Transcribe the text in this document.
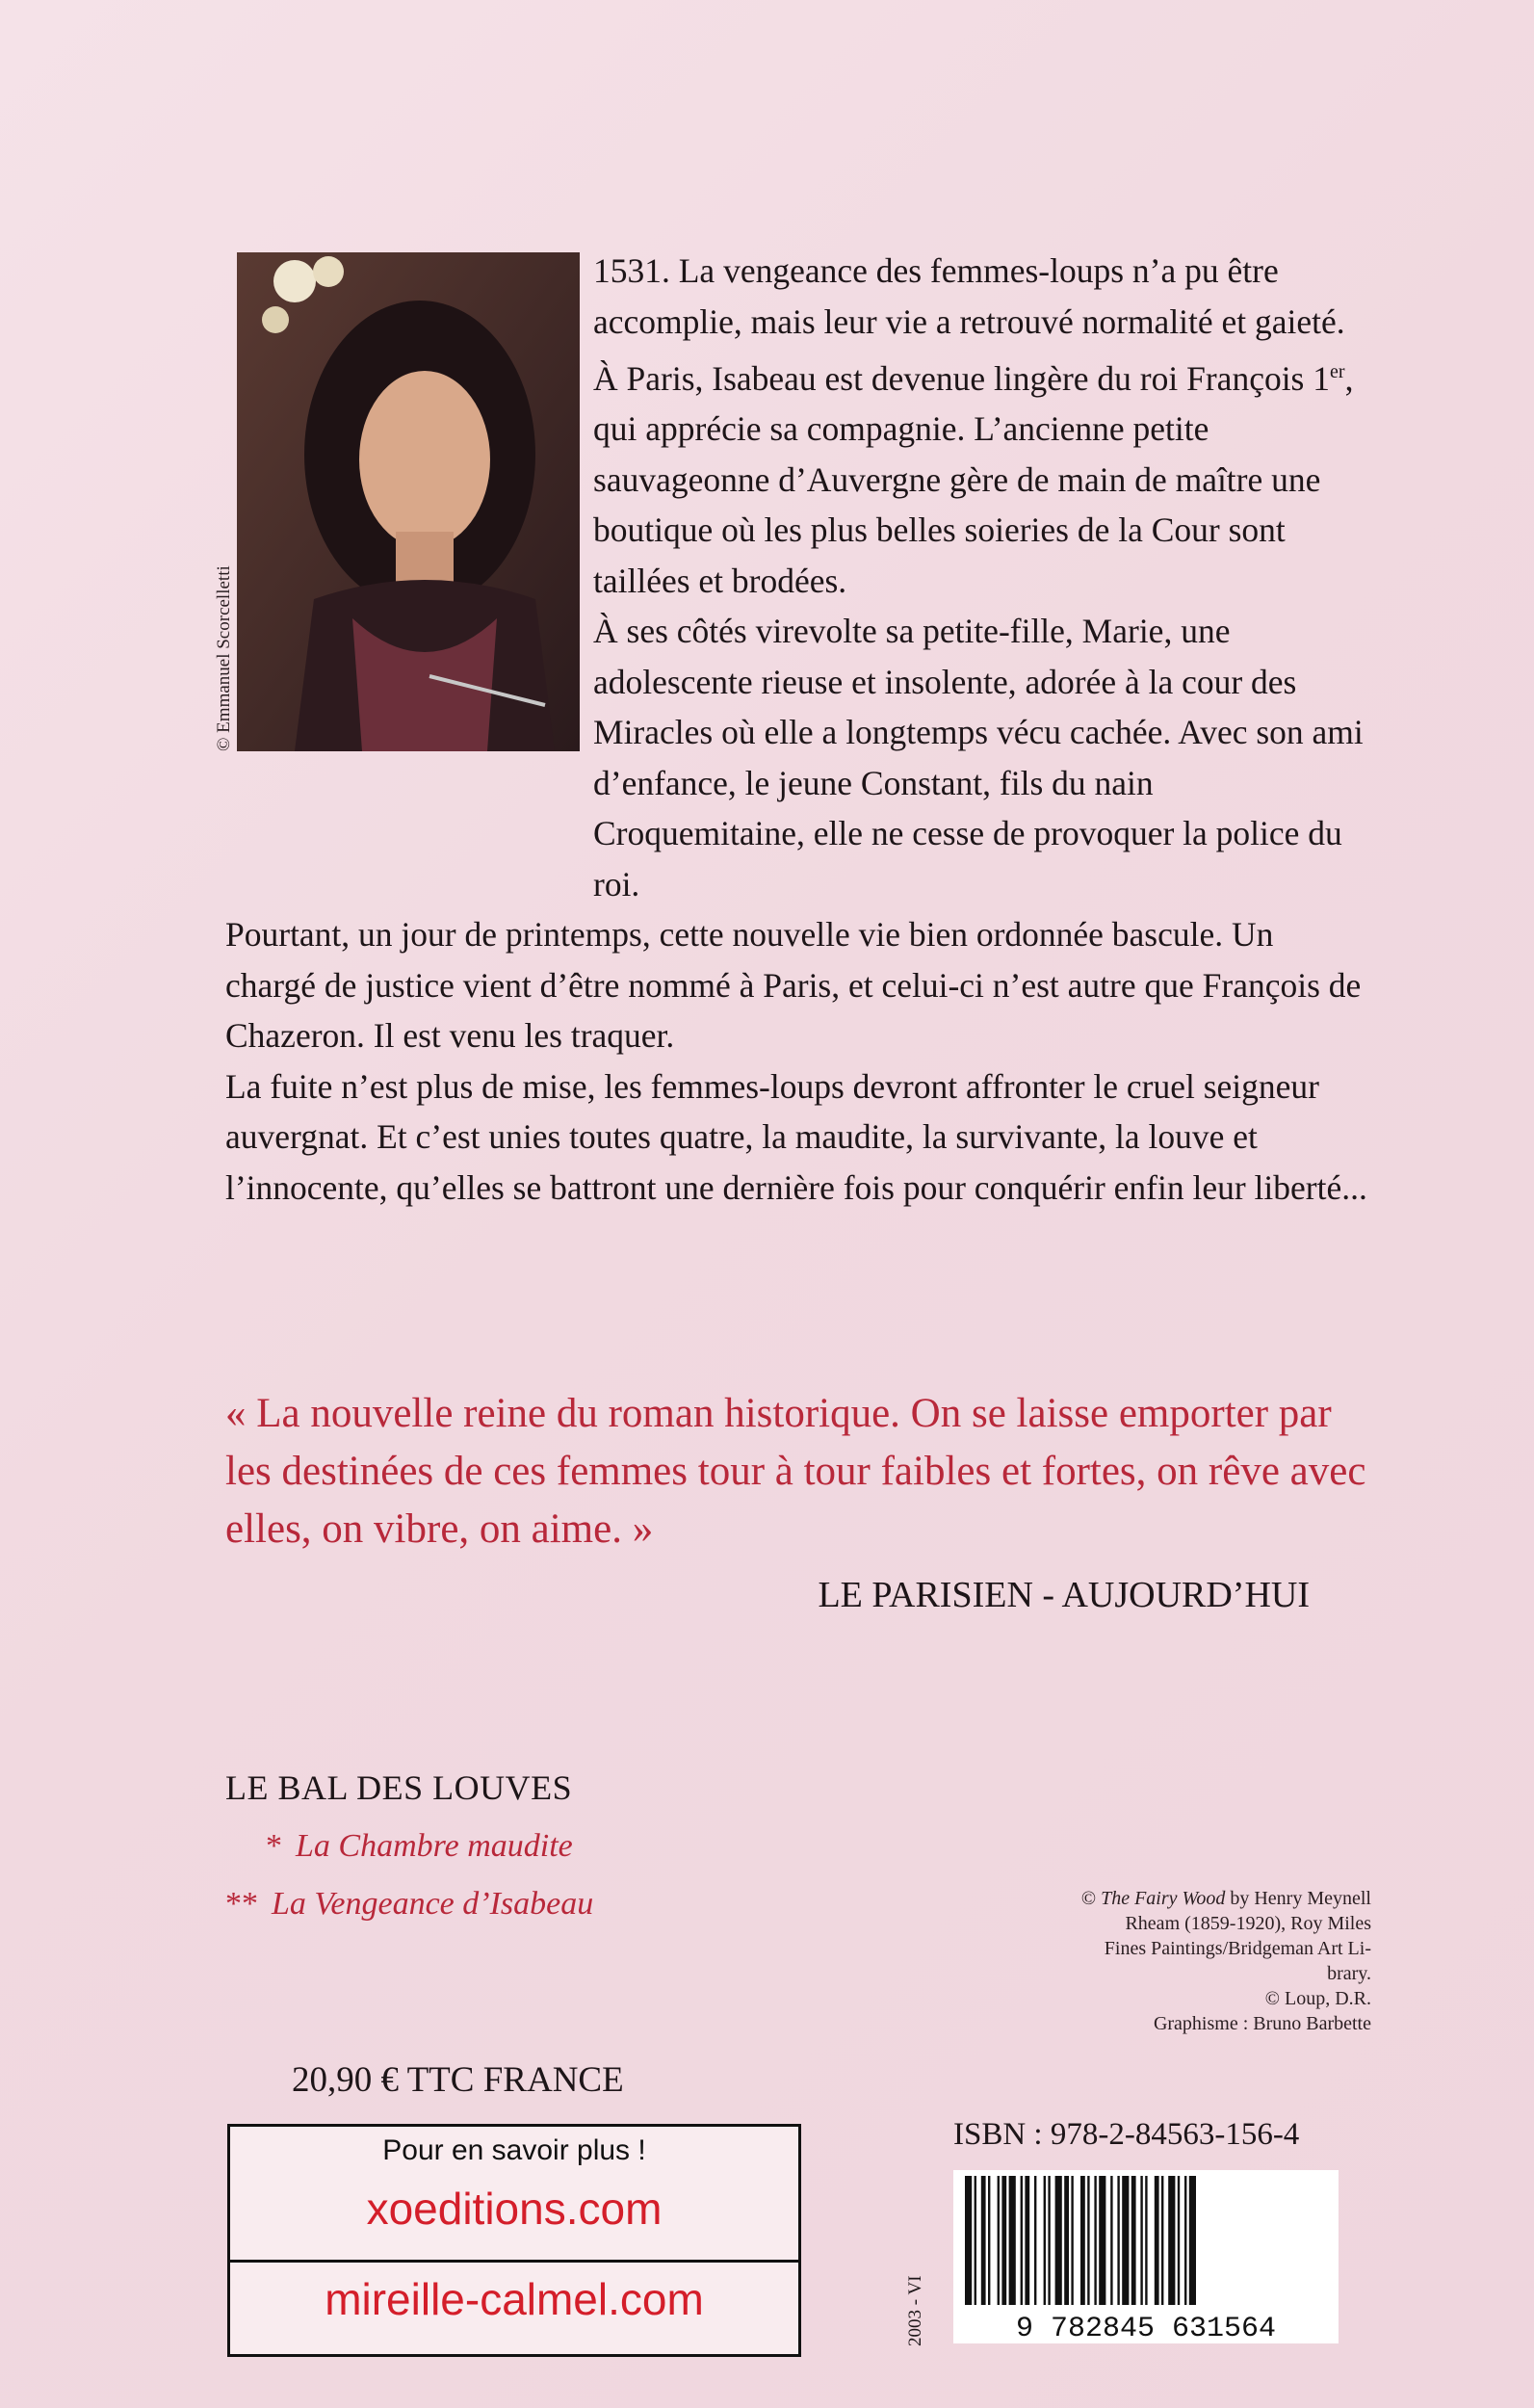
© Emmanuel Scorcelletti

1531. La vengeance des femmes-loups n’a pu être accomplie, mais leur vie a retrouvé normalité et gaieté. À Paris, Isabeau est devenue lingère du roi François 1er, qui apprécie sa compagnie. L’ancienne petite sauvageonne d’Auvergne gère de main de maître une boutique où les plus belles soieries de la Cour sont taillées et brodées.

À ses côtés virevolte sa petite-fille, Marie, une adolescente rieuse et insolente, adorée à la cour des Miracles où elle a longtemps vécu cachée. Avec son ami d’enfance, le jeune Constant, fils du nain Croquemitaine, elle ne cesse de provoquer la police du roi.

Pourtant, un jour de printemps, cette nouvelle vie bien ordonnée bascule. Un chargé de justice vient d’être nommé à Paris, et celui-ci n’est autre que François de Chazeron. Il est venu les traquer.

La fuite n’est plus de mise, les femmes-loups devront affronter le cruel seigneur auvergnat. Et c’est unies toutes quatre, la maudite, la survivante, la louve et l’innocente, qu’elles se battront une dernière fois pour conquérir enfin leur liberté...

« La nouvelle reine du roman historique. On se laisse emporter par les destinées de ces femmes tour à tour faibles et fortes, on rêve avec elles, on vibre, on aime. »
LE PARISIEN - AUJOURD’HUI
LE BAL DES LOUVES
* La Chambre maudite
** La Vengeance d’Isabeau	© The Fairy Wood by Henry Meynell
Rheam (1859-1920), Roy Miles
Fines Paintings/Bridgeman Art Li-
brary.
© Loup, D.R.
Graphisme : Bruno Barbette
20,90 € TTC FRANCE
Pour en savoir plus !
xoeditions.com
mireille-calmel.com	2003 - VI
ISBN : 978-2-84563-156-4
9 782845 631564
